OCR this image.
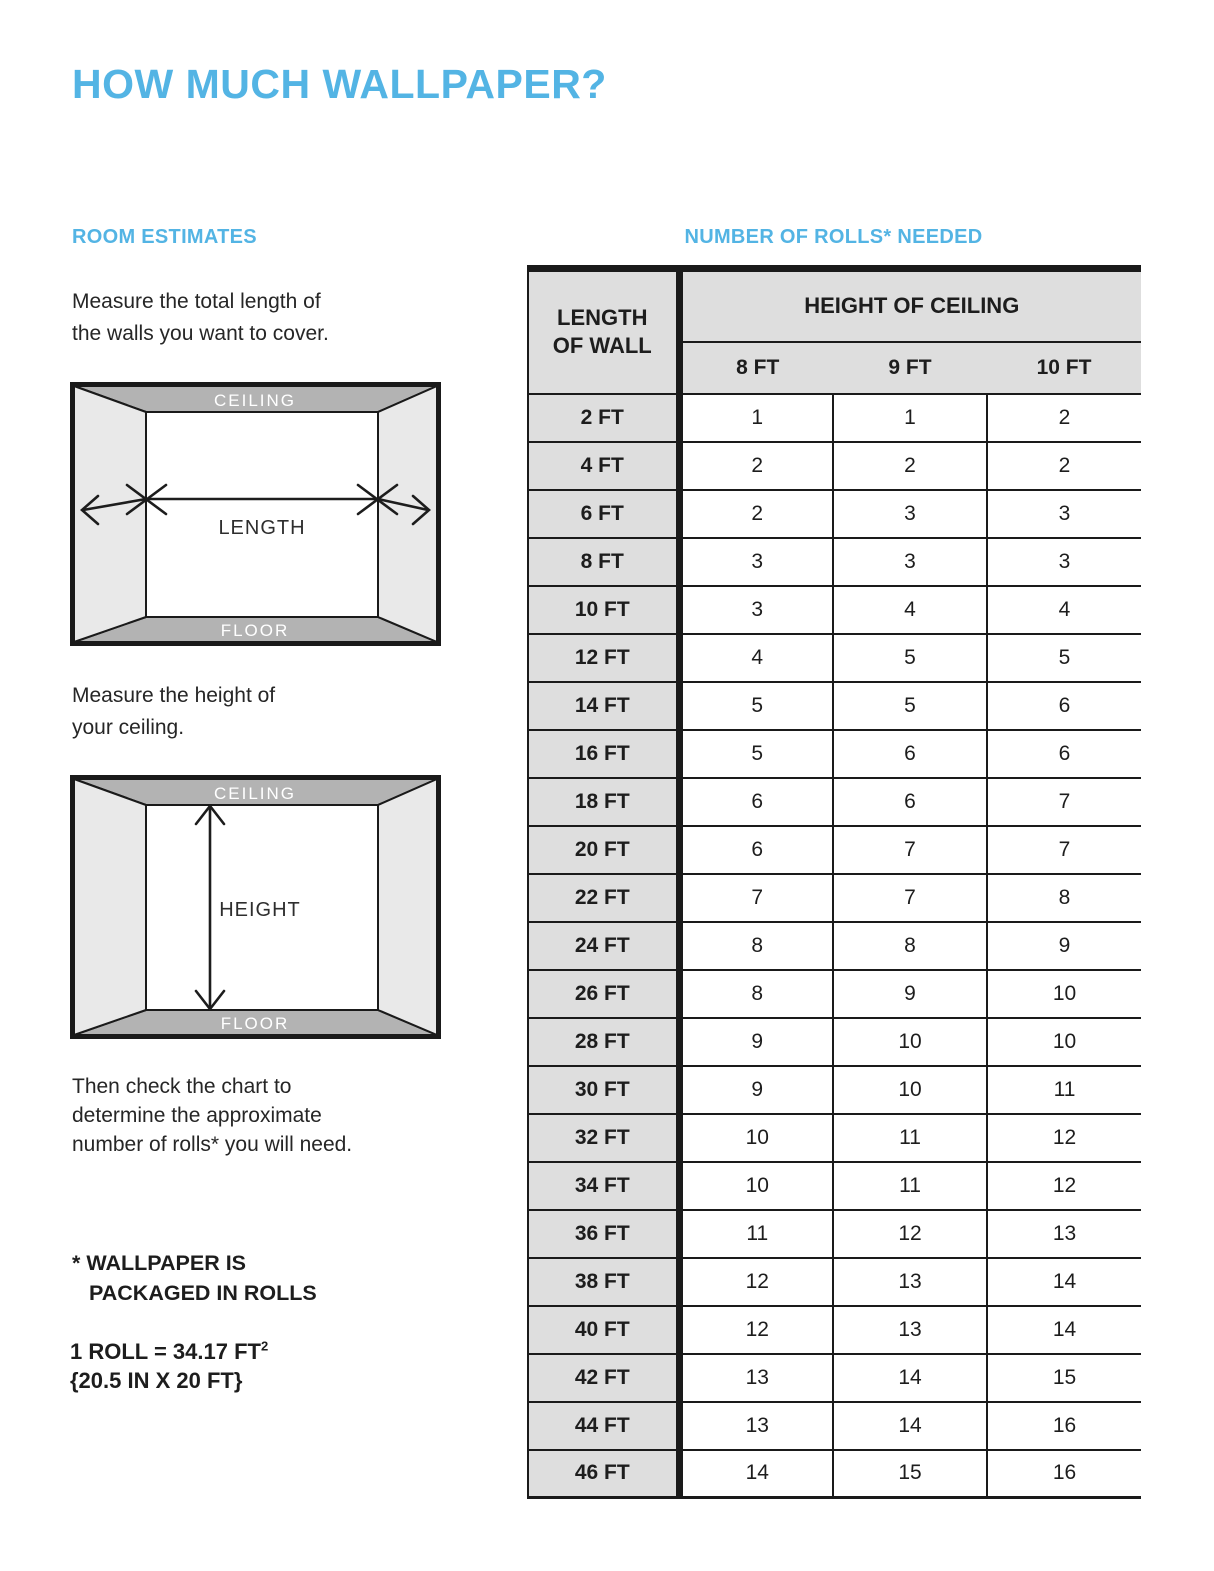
HOW MUCH WALLPAPER?
ROOM ESTIMATES	NUMBER OF ROLLS* NEEDED

Measure the total length of
the walls you want to cover.

CEILING
FLOOR
LENGTH

Measure the height of
your ceiling.

CEILING
FLOOR
HEIGHT

Then check the chart to
determine the approximate
number of rolls* you will need.

* WALLPAPER IS
PACKAGED IN ROLLS

1 ROLL = 34.17 $FT^2$
{20.5 IN X 20 FT}

LENGTH
OF WALL	HEIGHT OF CEILING		
	8 FT	9 FT	10 FT
2 FT	1	1	2
4 FT	2	2	2
6 FT	2	3	3
8 FT	3	3	3
10 FT	3	4	4
12 FT	4	5	5
14 FT	5	5	6
16 FT	5	6	6
18 FT	6	6	7
20 FT	6	7	7
22 FT	7	7	8
24 FT	8	8	9
26 FT	8	9	10
28 FT	9	10	10
30 FT	9	10	11
32 FT	10	11	12
34 FT	10	11	12
36 FT	11	12	13
38 FT	12	13	14
40 FT	12	13	14
42 FT	13	14	15
44 FT	13	14	16
46 FT	14	15	16
